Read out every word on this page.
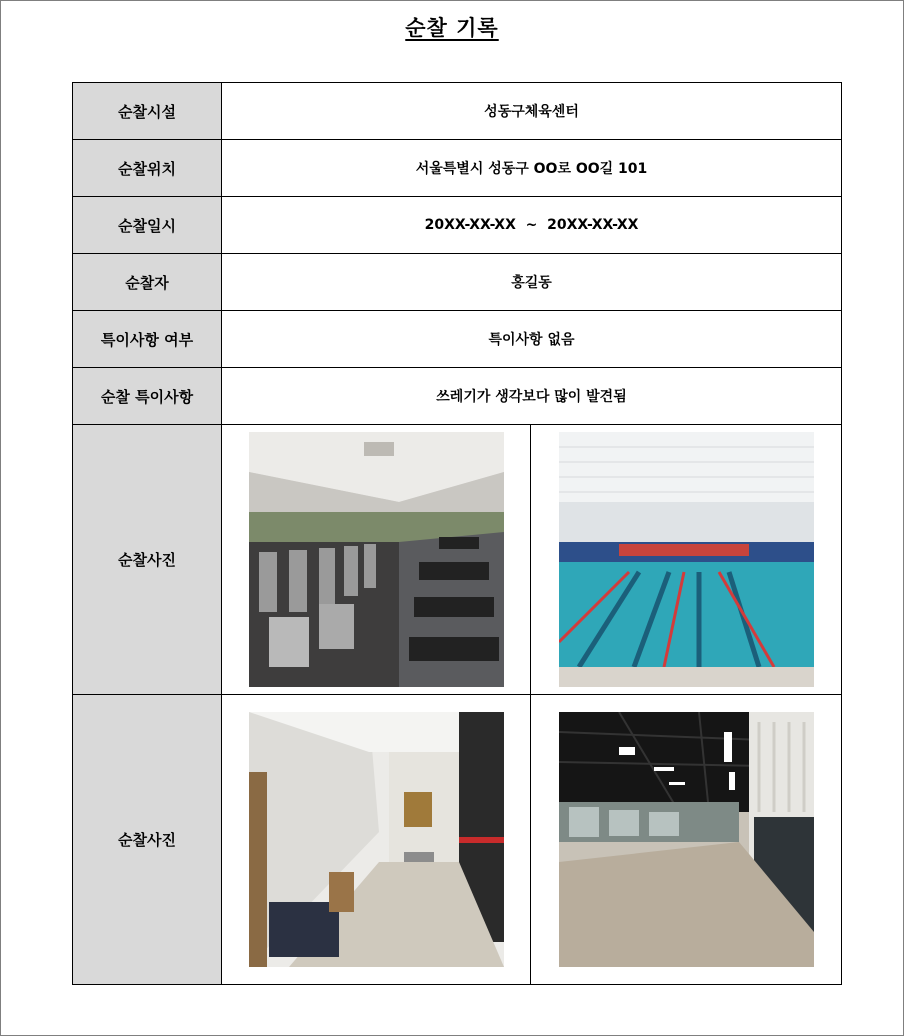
순찰 기록
순찰시설	성동구체육센터	
순찰위치	서울특별시 성동구 OO로 OO길 101	
순찰일시	20XX-XX-XX  ~  20XX-XX-XX	
순찰자	홍길동	
특이사항 여부	특이사항 없음	
순찰 특이사항	쓰레기가 생각보다 많이 발견됨	
순찰사진	

순찰사진	
